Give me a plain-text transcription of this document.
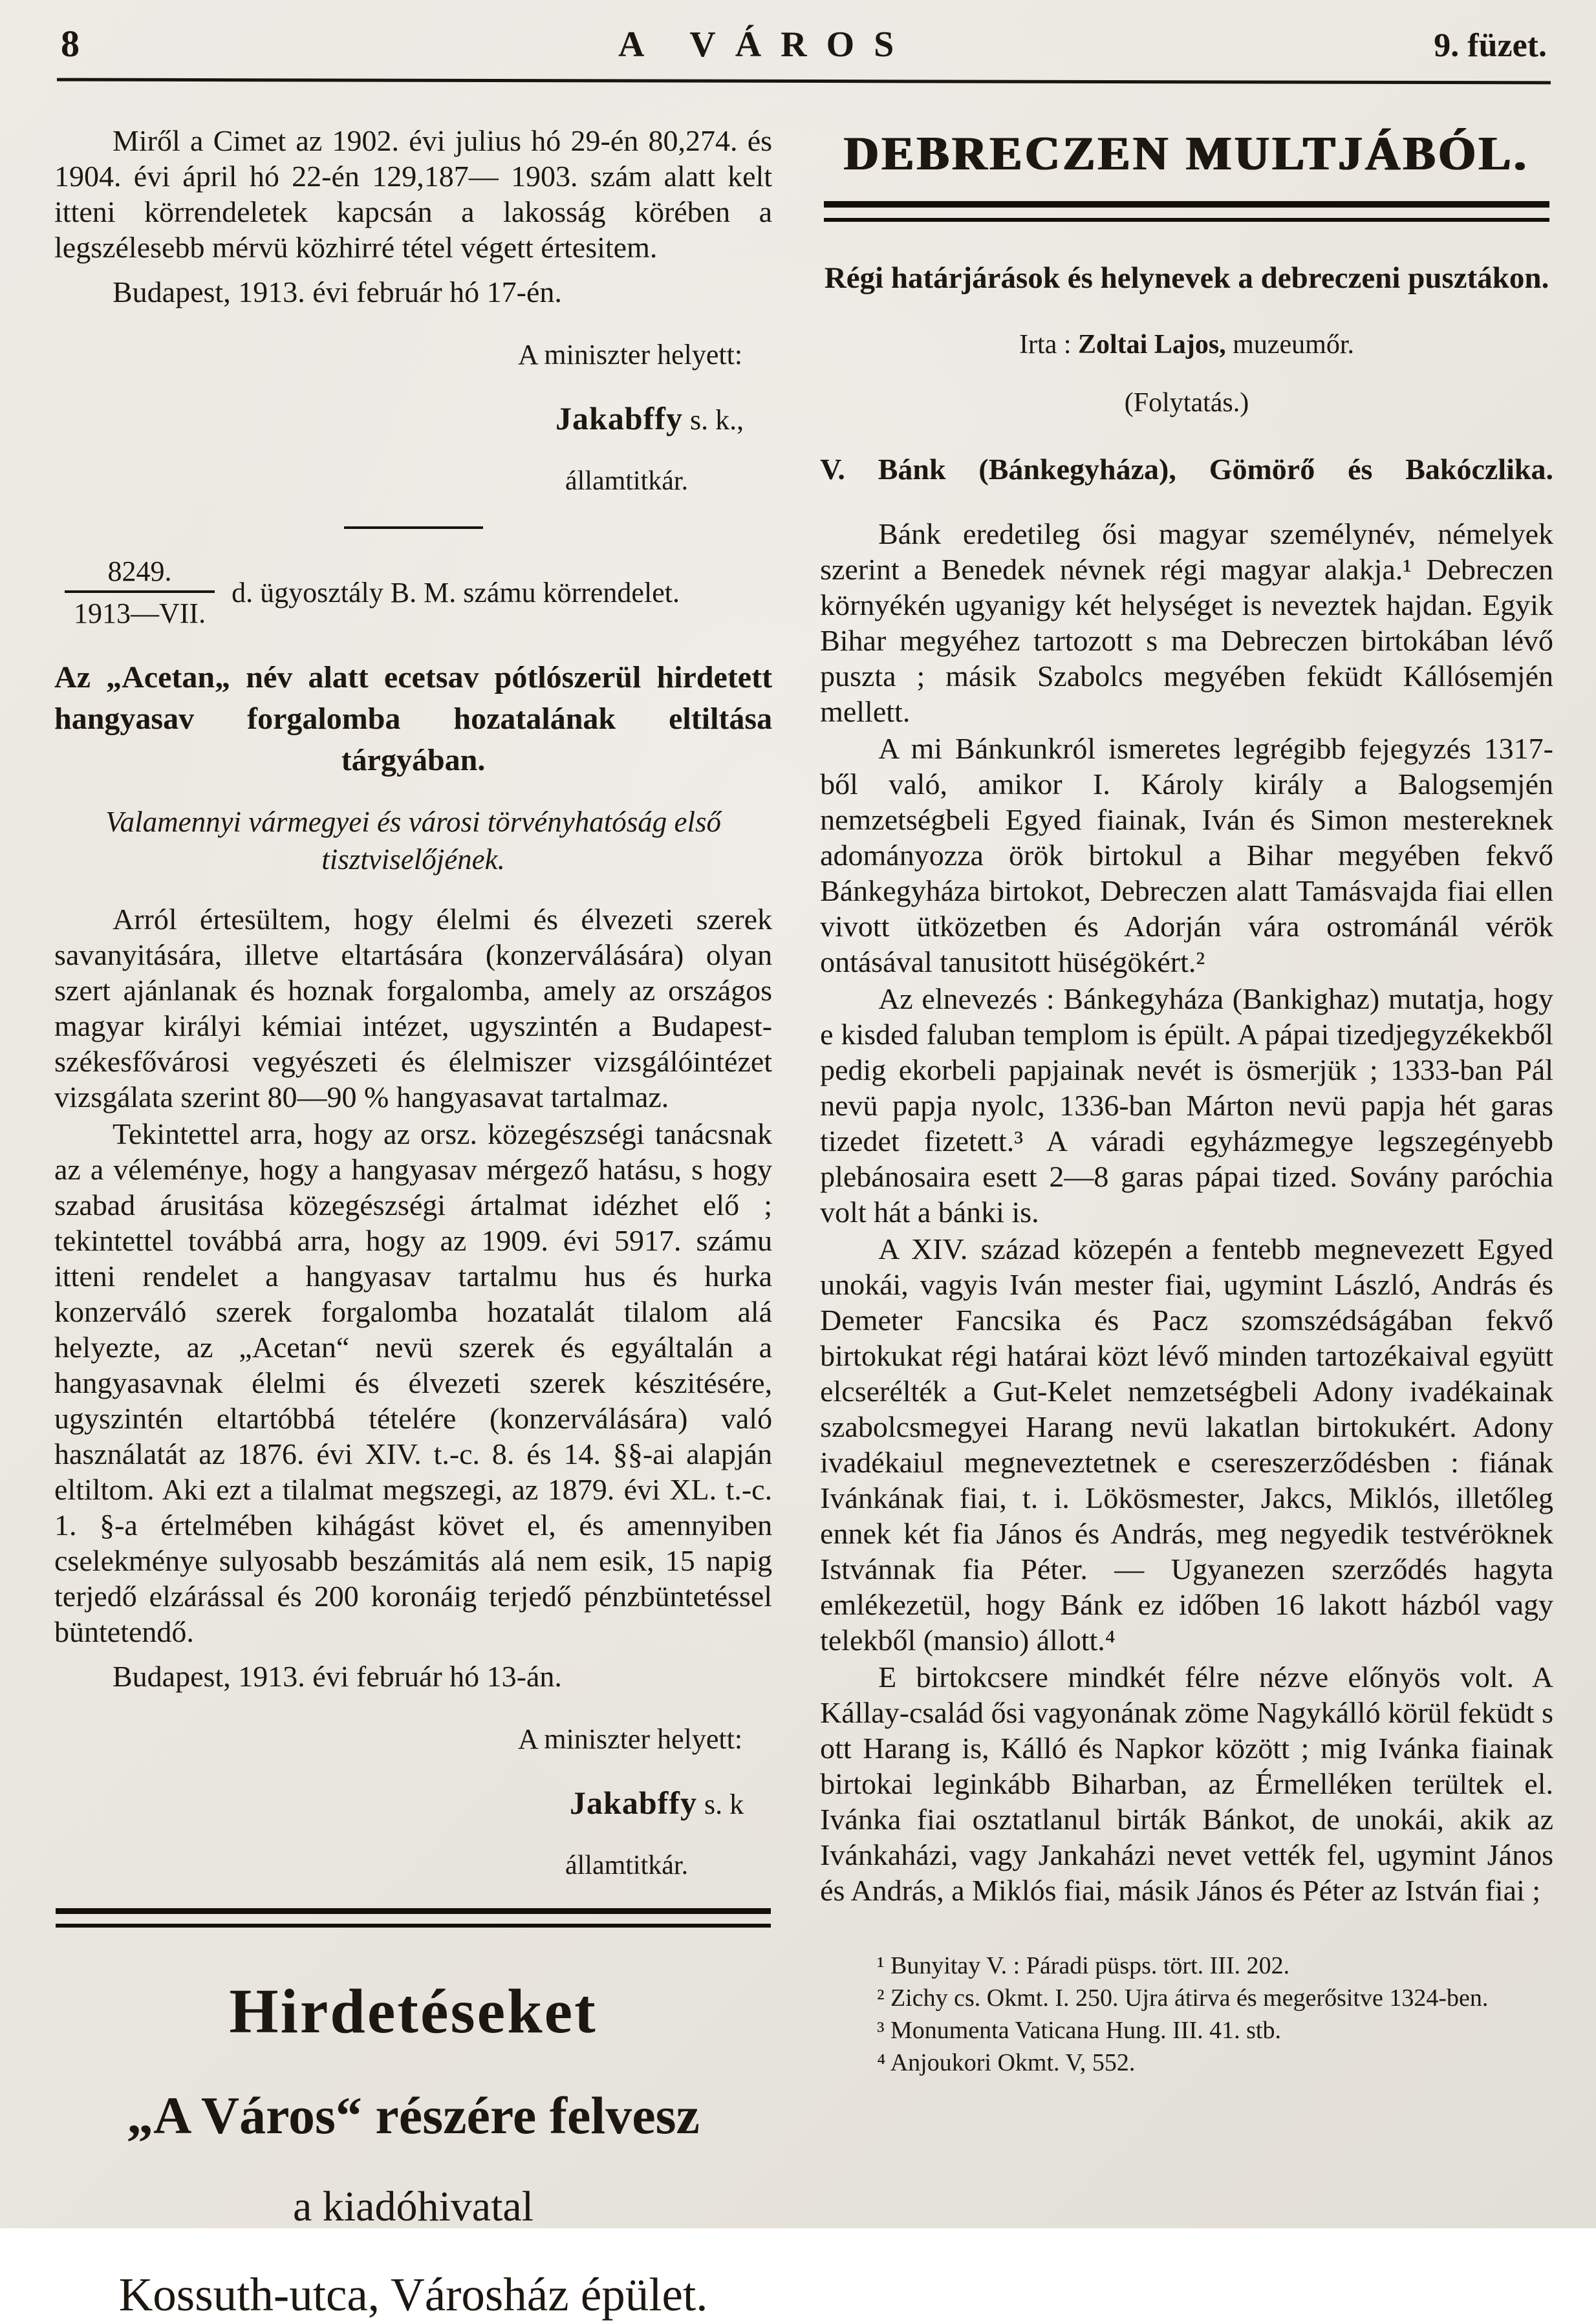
8	A VÁROS	9. füzet.

Miről a Cimet az 1902. évi julius hó 29-én 80,274. és 1904. évi ápril hó 22-én 129,187— 1903. szám alatt kelt itteni körrendeletek kapcsán a lakosság körében a legszélesebb mérvü közhirré tétel végett értesitem.

Budapest, 1913. évi február hó 17-én.

A miniszter helyett:

Jakabffy s. k.,

államtitkár.

$\frac{8249.}{\text{1913—VII.}} d$. ügyosztály B. M. számu körrendelet.

Az „Acetan„ név alatt ecetsav pótlószerül hirdetett hangyasav forgalomba hozatalának eltiltása tárgyában.

Valamennyi vármegyei és városi törvényhatóság első tisztviselőjének.

Arról értesültem, hogy élelmi és élvezeti szerek savanyitására, illetve eltartására (konzerválására) olyan szert ajánlanak és hoznak forgalomba, amely az országos magyar királyi kémiai intézet, ugyszintén a Budapest-székesfővárosi vegyészeti és élelmiszer vizsgálóintézet vizsgálata szerint 80—90 % hangyasavat tartalmaz.

Tekintettel arra, hogy az orsz. közegészségi tanácsnak az a véleménye, hogy a hangyasav mérgező hatásu, s hogy szabad árusitása közegészségi ártalmat idézhet elő ; tekintettel továbbá arra, hogy az 1909. évi 5917. számu itteni rendelet a hangyasav tartalmu hus és hurka konzerváló szerek forgalomba hozatalát tilalom alá helyezte, az „Acetan“ nevü szerek és egyáltalán a hangyasavnak élelmi és élvezeti szerek készitésére, ugyszintén eltartóbbá tételére (konzerválására) való használatát az 1876. évi XIV. t.-c. 8. és 14. §§-ai alapján eltiltom. Aki ezt a tilalmat megszegi, az 1879. évi XL. t.-c. 1. §-a értelmében kihágást követ el, és amennyiben cselekménye sulyosabb beszámitás alá nem esik, 15 napig terjedő elzárással és 200 koronáig terjedő pénzbüntetéssel büntetendő.

Budapest, 1913. évi február hó 13-án.

A miniszter helyett:

Jakabffy s. k

államtitkár.

Hirdetéseket
„A Város“ részére felvesz
a kiadóhivatal
Kossuth-utca, Városház épület.
DEBRECZEN MULTJÁBÓL.

Régi határjárások és helynevek a debreczeni pusztákon.

Irta : Zoltai Lajos, muzeumőr.

(Folytatás.)

V. Bánk (Bánkegyháza), Gömörő és Bakóczlika.

Bánk eredetileg ősi magyar személynév, némelyek szerint a Benedek névnek régi magyar alakja.¹ Debreczen környékén ugyanigy két helységet is neveztek hajdan. Egyik Bihar megyéhez tartozott s ma Debreczen birtokában lévő puszta ; másik Szabolcs megyében feküdt Kállósemjén mellett.

A mi Bánkunkról ismeretes legrégibb fejegyzés 1317-ből való, amikor I. Károly király a Balogsemjén nemzetségbeli Egyed fiainak, Iván és Simon mestereknek adományozza örök birtokul a Bihar megyében fekvő Bánkegyháza birtokot, Debreczen alatt Tamásvajda fiai ellen vivott ütközetben és Adorján vára ostrománál vérök ontásával tanusitott hüségökért.²

Az elnevezés : Bánkegyháza (Bankighaz) mutatja, hogy e kisded faluban templom is épült. A pápai tizedjegyzékekből pedig ekorbeli papjainak nevét is ösmerjük ; 1333-ban Pál nevü papja nyolc, 1336-ban Márton nevü papja hét garas tizedet fizetett.³ A váradi egyházmegye legszegényebb plebánosaira esett 2—8 garas pápai tized. Sovány paróchia volt hát a bánki is.

A XIV. század közepén a fentebb megnevezett Egyed unokái, vagyis Iván mester fiai, ugymint László, András és Demeter Fancsika és Pacz szomszédságában fekvő birtokukat régi határai közt lévő minden tartozékaival együtt elcserélték a Gut-Kelet nemzetségbeli Adony ivadékainak szabolcsmegyei Harang nevü lakatlan birtokukért. Adony ivadékaiul megneveztetnek e csereszerződésben : fiának Ivánkának fiai, t. i. Lökösmester, Jakcs, Miklós, illetőleg ennek két fia János és András, meg negyedik testvéröknek Istvánnak fia Péter. — Ugyanezen szerződés hagyta emlékezetül, hogy Bánk ez időben 16 lakott házból vagy telekből (mansio) állott.⁴

E birtokcsere mindkét félre nézve előnyös volt. A Kállay-család ősi vagyonának zöme Nagykálló körül feküdt s ott Harang is, Kálló és Napkor között ; mig Ivánka fiainak birtokai leginkább Biharban, az Érmelléken terültek el. Ivánka fiai osztatlanul birták Bánkot, de unokái, akik az Ivánkaházi, vagy Jankaházi nevet vették fel, ugymint János és András, a Miklós fiai, másik János és Péter az István fiai ;

¹ Bunyitay V. : Páradi püsps. tört. III. 202.

² Zichy cs. Okmt. I. 250. Ujra átirva és megerősitve 1324-ben.

³ Monumenta Vaticana Hung. III. 41. stb.

⁴ Anjoukori Okmt. V, 552.
